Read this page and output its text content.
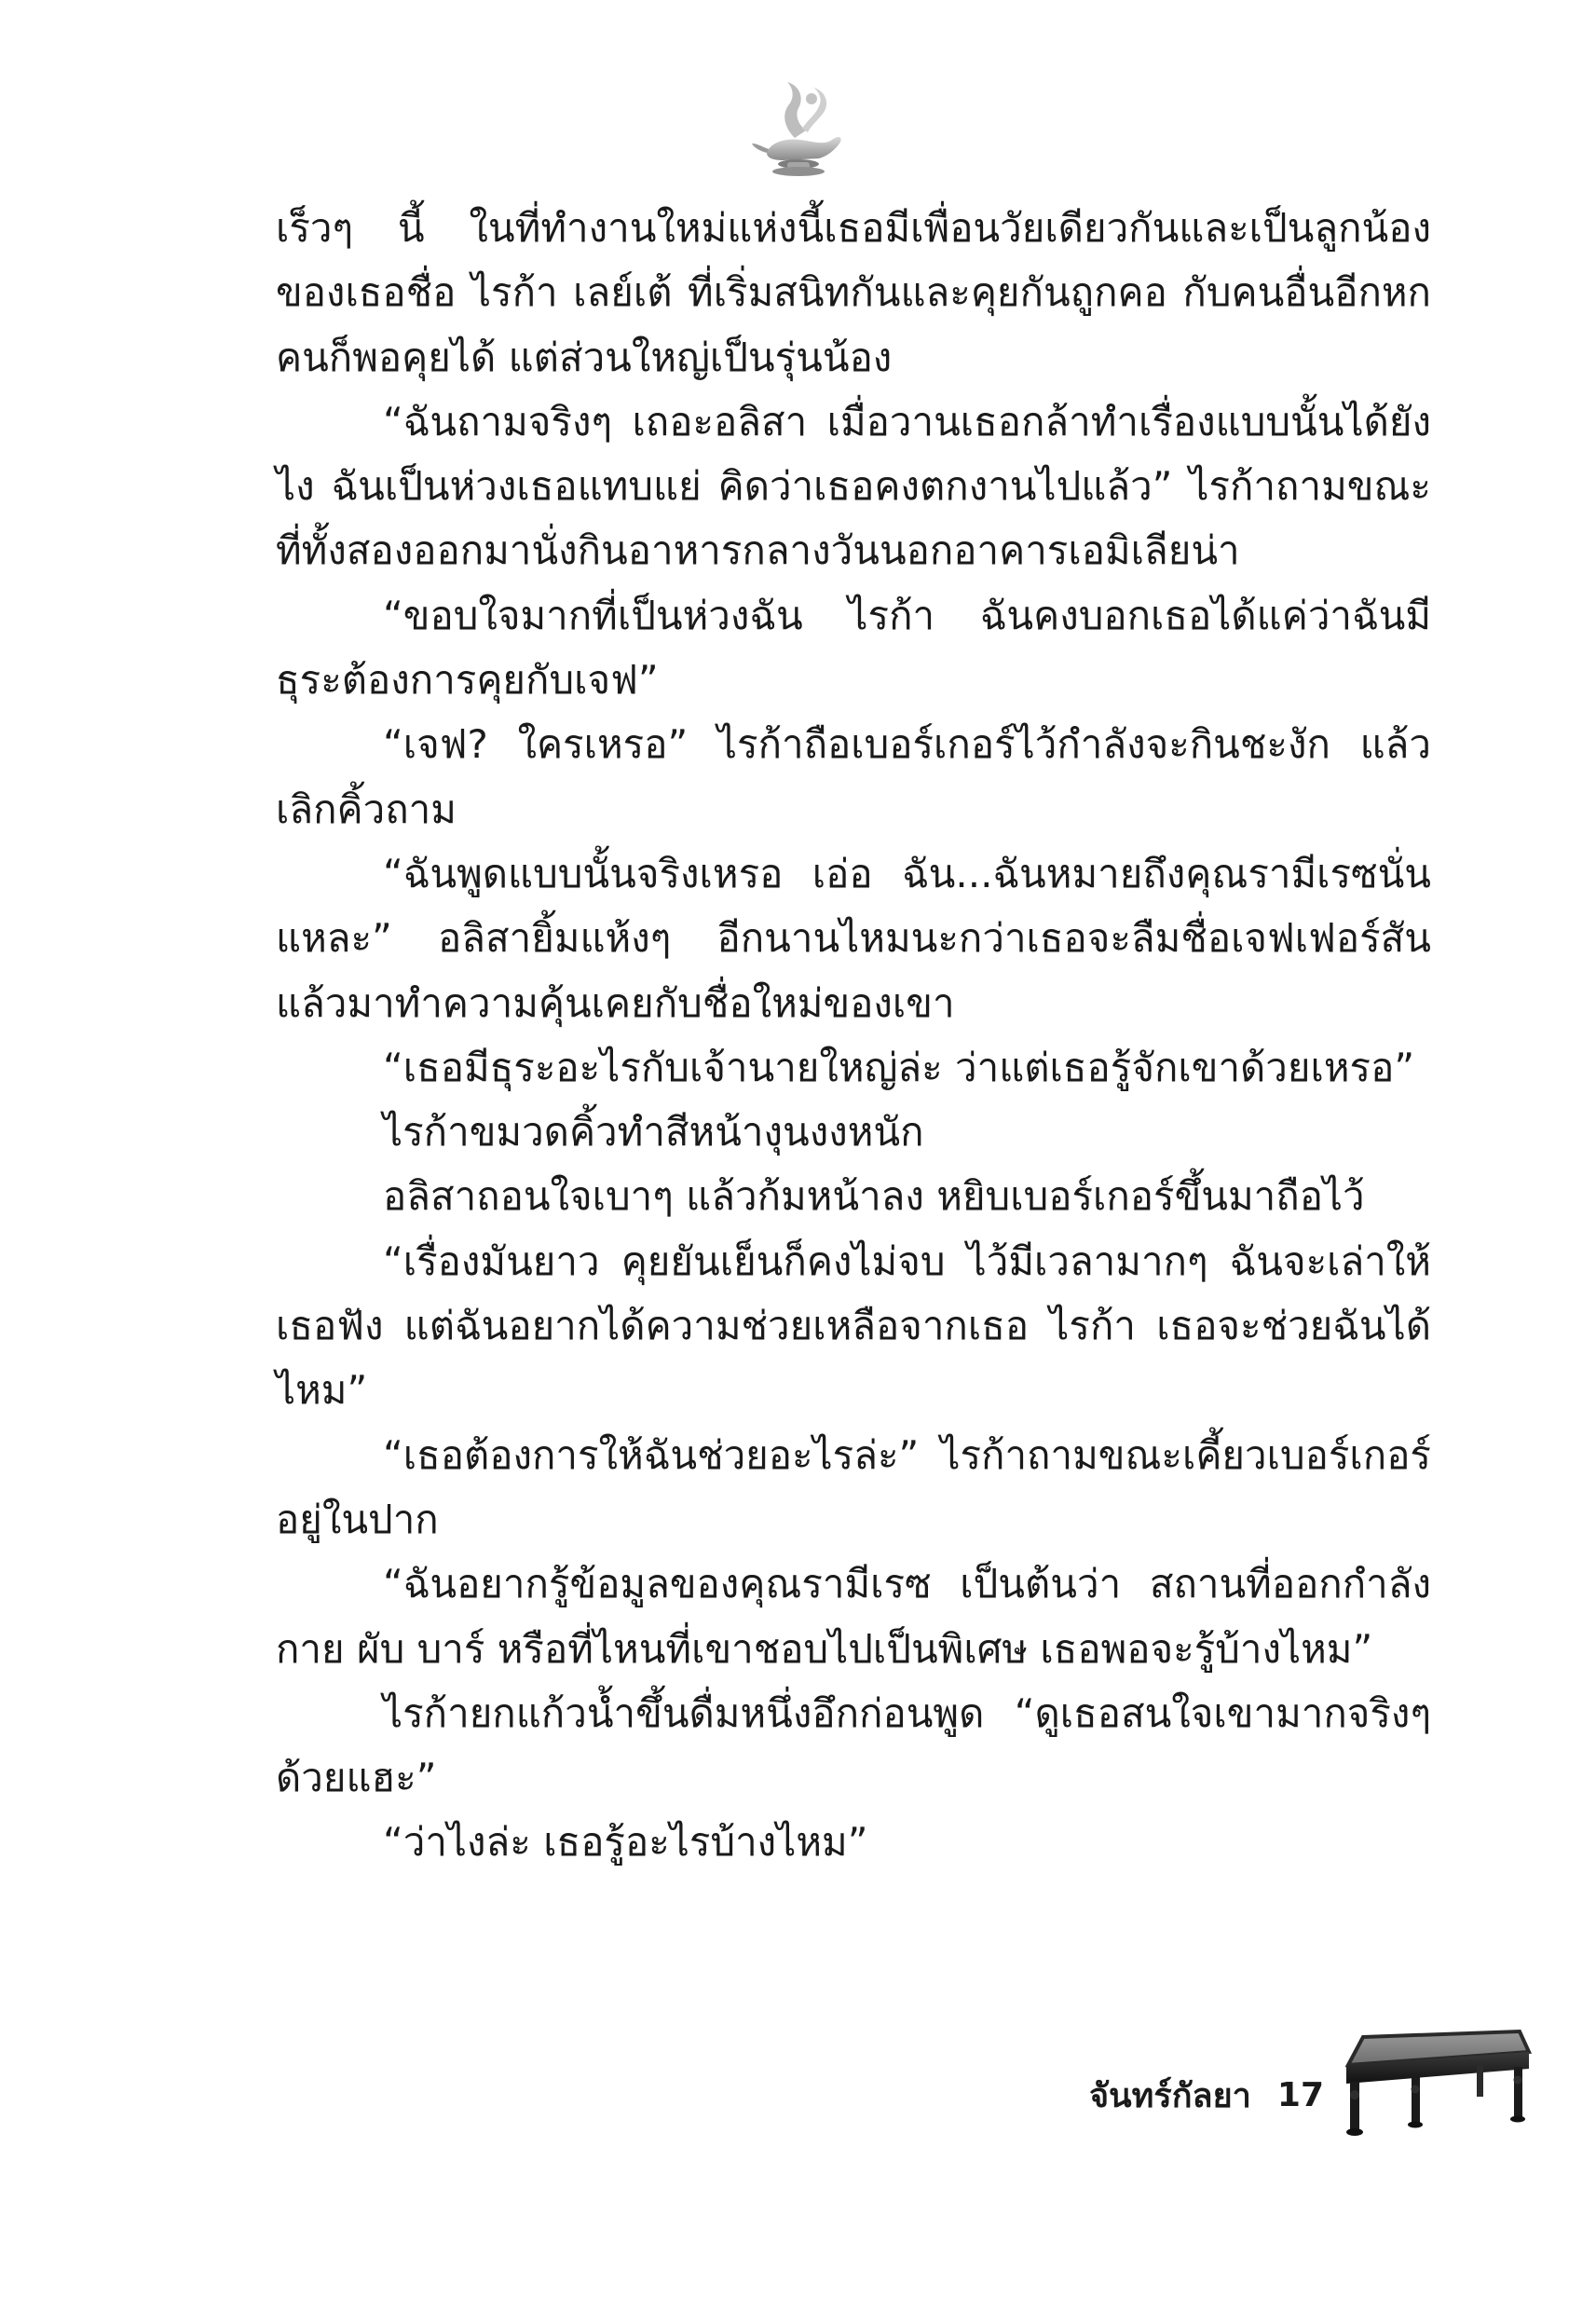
เร็วๆ นี้ ในที่ทำงานใหม่แห่งนี้เธอมีเพื่อนวัยเดียวกันและเป็นลูกน้องของเธอชื่อ ไรก้า เลย์เต้ ที่เริ่มสนิทกันและคุยกันถูกคอ กับคนอื่นอีกหกคนก็พอคุยได้ แต่ส่วนใหญ่เป็นรุ่นน้อง

“ฉันถามจริงๆ เถอะอลิสา เมื่อวานเธอกล้าทำเรื่องแบบนั้นได้ยังไง ฉันเป็นห่วงเธอแทบแย่ คิดว่าเธอคงตกงานไปแล้ว” ไรก้าถามขณะที่ทั้งสองออกมานั่งกินอาหารกลางวันนอกอาคารเอมิเลียน่า

“ขอบใจมากที่เป็นห่วงฉัน ไรก้า ฉันคงบอกเธอได้แค่ว่าฉันมีธุระต้องการคุยกับเจฟ”

“เจฟ? ใครเหรอ” ไรก้าถือเบอร์เกอร์ไว้กำลังจะกินชะงัก แล้วเลิกคิ้วถาม

“ฉันพูดแบบนั้นจริงเหรอ เอ่อ ฉัน...ฉันหมายถึงคุณรามีเรซนั่นแหละ” อลิสายิ้มแห้งๆ อีกนานไหมนะกว่าเธอจะลืมชื่อเจฟเฟอร์สันแล้วมาทำความคุ้นเคยกับชื่อใหม่ของเขา

“เธอมีธุระอะไรกับเจ้านายใหญ่ล่ะ ว่าแต่เธอรู้จักเขาด้วยเหรอ”

ไรก้าขมวดคิ้วทำสีหน้างุนงงหนัก

อลิสาถอนใจเบาๆ แล้วก้มหน้าลง หยิบเบอร์เกอร์ขึ้นมาถือไว้

“เรื่องมันยาว คุยยันเย็นก็คงไม่จบ ไว้มีเวลามากๆ ฉันจะเล่าให้เธอฟัง แต่ฉันอยากได้ความช่วยเหลือจากเธอ ไรก้า เธอจะช่วยฉันได้ไหม”

“เธอต้องการให้ฉันช่วยอะไรล่ะ” ไรก้าถามขณะเคี้ยวเบอร์เกอร์อยู่ในปาก

“ฉันอยากรู้ข้อมูลของคุณรามีเรซ เป็นต้นว่า สถานที่ออกกำลังกาย ผับ บาร์ หรือที่ไหนที่เขาชอบไปเป็นพิเศษ เธอพอจะรู้บ้างไหม”

ไรก้ายกแก้วน้ำขึ้นดื่มหนึ่งอึกก่อนพูด “ดูเธอสนใจเขามากจริงๆด้วยแฮะ”

“ว่าไงล่ะ เธอรู้อะไรบ้างไหม”

จันทร์กัลยา 17
